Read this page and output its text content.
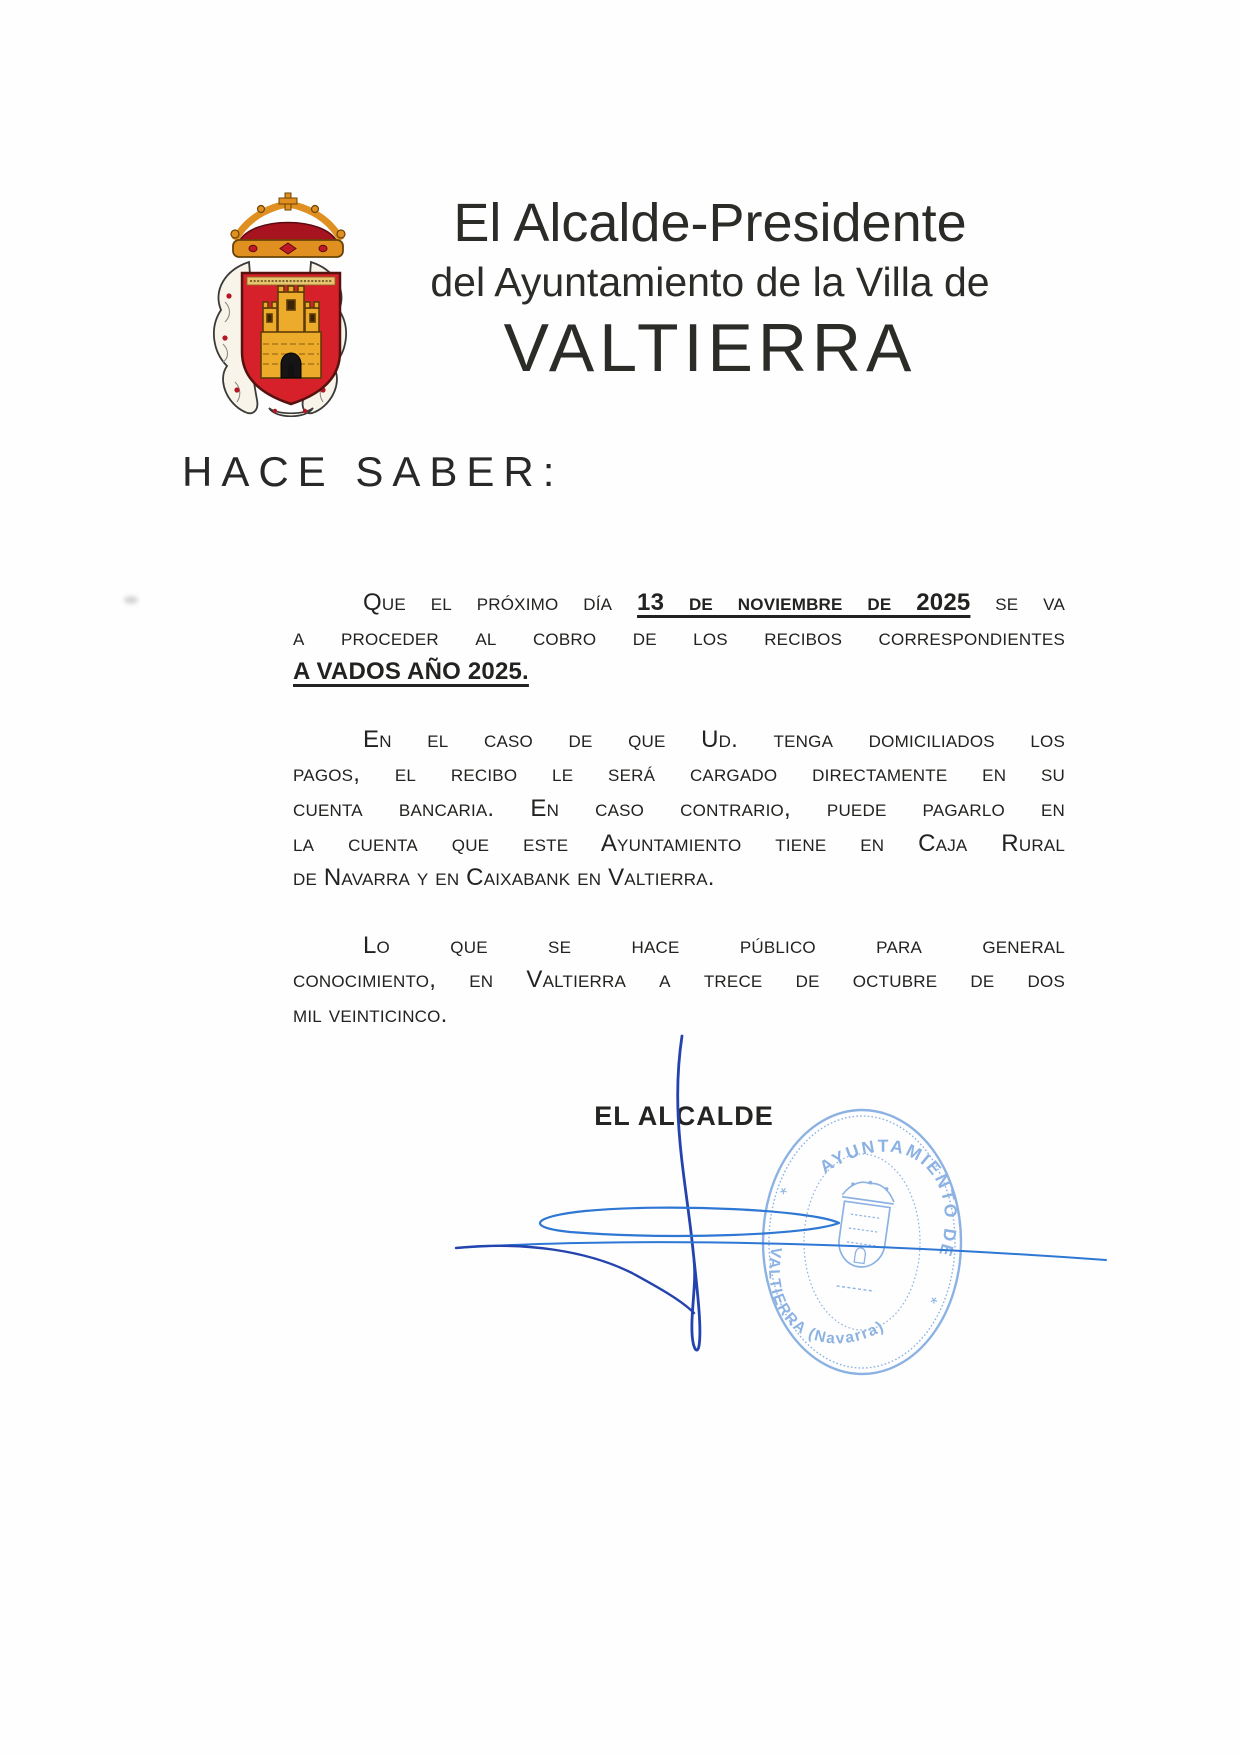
El Alcalde-Presidente
del Ayuntamiento de la Villa de
VALTIERRA
HACE SABER:
Que el próximo día 13 de noviembre de 2025 se va
a proceder al cobro de los recibos correspondientes
A VADOS AÑO 2025.
En el caso de que Ud. tenga domiciliados los
pagos, el recibo le será cargado directamente en su
cuenta bancaria. En caso contrario, puede pagarlo en
la cuenta que este Ayuntamiento tiene en Caja Rural
de Navarra y en Caixabank en Valtierra.
Lo que se hace público para general
conocimiento, en Valtierra a trece de octubre de dos
mil veinticinco.
EL ALCALDE
AYUNTAMIENTO DE
VALTIERRA (Navarra)
*
*
